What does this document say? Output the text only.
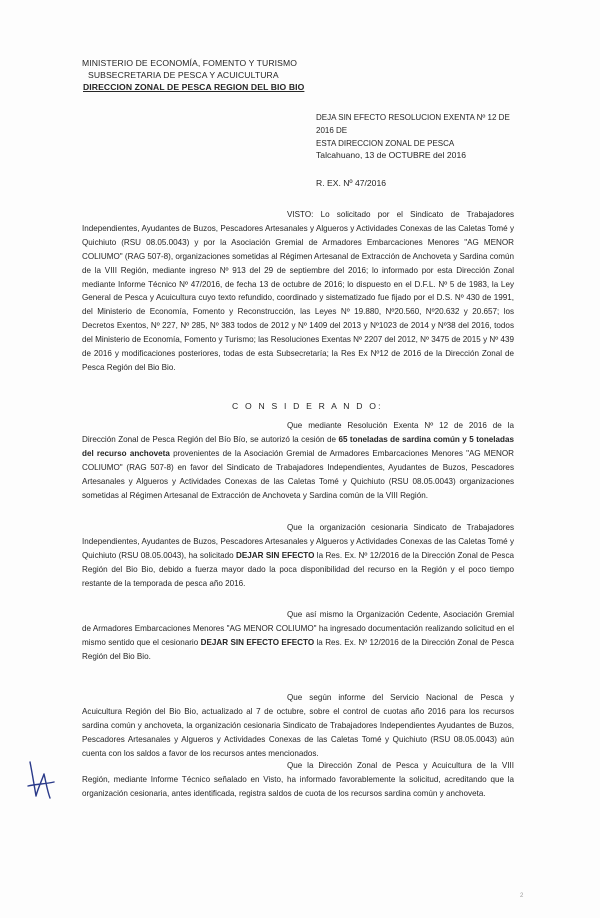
MINISTERIO DE ECONOMÍA, FOMENTO Y TURISMO
SUBSECRETARIA DE PESCA Y ACUICULTURA
DIRECCION ZONAL DE PESCA REGION DEL BIO BIO
DEJA SIN EFECTO RESOLUCION EXENTA Nº 12 DE 2016 DE
ESTA DIRECCION ZONAL DE PESCA
Talcahuano, 13 de OCTUBRE del 2016
R. EX. Nº 47/2016
VISTO: Lo solicitado por el Sindicato de Trabajadores Independientes, Ayudantes de Buzos, Pescadores Artesanales y Algueros y Actividades Conexas de las Caletas Tomé y Quichiuto (RSU 08.05.0043) y por la Asociación Gremial de Armadores Embarcaciones Menores "AG MENOR COLIUMO" (RAG 507-8), organizaciones sometidas al Régimen Artesanal de Extracción de Anchoveta y Sardina común de la VIII Región, mediante ingreso Nº 913 del 29 de septiembre del 2016; lo informado por esta Dirección Zonal mediante Informe Técnico Nº 47/2016, de fecha 13 de octubre de 2016; lo dispuesto en el D.F.L. Nº 5 de 1983, la Ley General de Pesca y Acuicultura cuyo texto refundido, coordinado y sistematizado fue fijado por el D.S. Nº 430 de 1991, del Ministerio de Economía, Fomento y Reconstrucción, las Leyes Nº 19.880, Nº20.560, Nº20.632 y 20.657; los Decretos Exentos, Nº 227, Nº 285, Nº 383 todos de 2012 y Nº 1409 del 2013 y Nº1023 de 2014 y Nº38 del 2016, todos del Ministerio de Economía, Fomento y Turismo; las Resoluciones Exentas Nº 2207 del 2012, Nº 3475 de 2015 y Nº 439 de 2016 y modificaciones posteriores, todas de esta Subsecretaría; la Res Ex Nº12 de 2016 de la Dirección Zonal de Pesca Región del Bio Bio.
C O N S I D E R A N D O:
Que mediante Resolución Exenta Nº 12 de 2016 de la Dirección Zonal de Pesca Región del Bío Bío, se autorizó la cesión de 65 toneladas de sardina común y 5 toneladas del recurso anchoveta provenientes de la Asociación Gremial de Armadores Embarcaciones Menores "AG MENOR COLIUMO" (RAG 507-8) en favor del Sindicato de Trabajadores Independientes, Ayudantes de Buzos, Pescadores Artesanales y Algueros y Actividades Conexas de las Caletas Tomé y Quichiuto (RSU 08.05.0043) organizaciones sometidas al Régimen Artesanal de Extracción de Anchoveta y Sardina común de la VIII Región.
Que la organización cesionaria Sindicato de Trabajadores Independientes, Ayudantes de Buzos, Pescadores Artesanales y Algueros y Actividades Conexas de las Caletas Tomé y Quichiuto (RSU 08.05.0043), ha solicitado DEJAR SIN EFECTO la Res. Ex. Nº 12/2016 de la Dirección Zonal de Pesca Región del Bio Bio, debido a fuerza mayor dado la poca disponibilidad del recurso en la Región y el poco tiempo restante de la temporada de pesca año 2016.
Que así mismo la Organización Cedente, Asociación Gremial de Armadores Embarcaciones Menores "AG MENOR COLIUMO" ha ingresado documentación realizando solicitud en el mismo sentido que el cesionario DEJAR SIN EFECTO EFECTO la Res. Ex. Nº 12/2016 de la Dirección Zonal de Pesca Región del Bio Bio.
Que según informe del Servicio Nacional de Pesca y Acuicultura Región del Bio Bio, actualizado al 7 de octubre, sobre el control de cuotas año 2016 para los recursos sardina común y anchoveta, la organización cesionaria Sindicato de Trabajadores Independientes Ayudantes de Buzos, Pescadores Artesanales y Algueros y Actividades Conexas de las Caletas Tomé y Quichiuto (RSU 08.05.0043) aún cuenta con los saldos a favor de los recursos antes mencionados.
Que la Dirección Zonal de Pesca y Acuicultura de la VIII Región, mediante Informe Técnico señalado en Visto, ha informado favorablemente la solicitud, acreditando que la organización cesionaria, antes identificada, registra saldos de cuota de los recursos sardina común y anchoveta.
2
